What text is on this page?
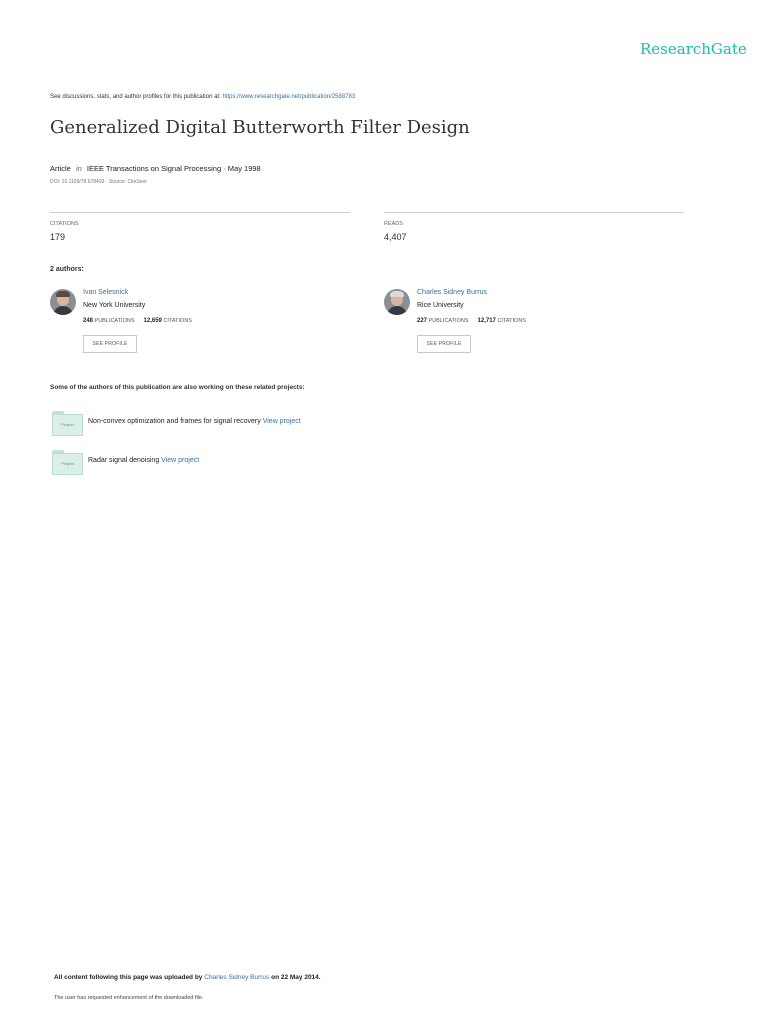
ResearchGate
See discussions, stats, and author profiles for this publication at: https://www.researchgate.net/publication/2588783
Generalized Digital Butterworth Filter Design
Article in IEEE Transactions on Signal Processing · May 1998
DOI: 10.1109/78.678493 · Source: CiteSeer
CITATIONS
179
READS
4,407
2 authors:
Ivan Selesnick
New York University
248 PUBLICATIONS 12,659 CITATIONS
SEE PROFILE
Charles Sidney Burrus
Rice University
227 PUBLICATIONS 12,717 CITATIONS
SEE PROFILE
Some of the authors of this publication are also working on these related projects:
Project	Non-convex optimization and frames for signal recovery View project
Project	Radar signal denoising View project
All content following this page was uploaded by Charles Sidney Burrus on 22 May 2014.
The user has requested enhancement of the downloaded file.
